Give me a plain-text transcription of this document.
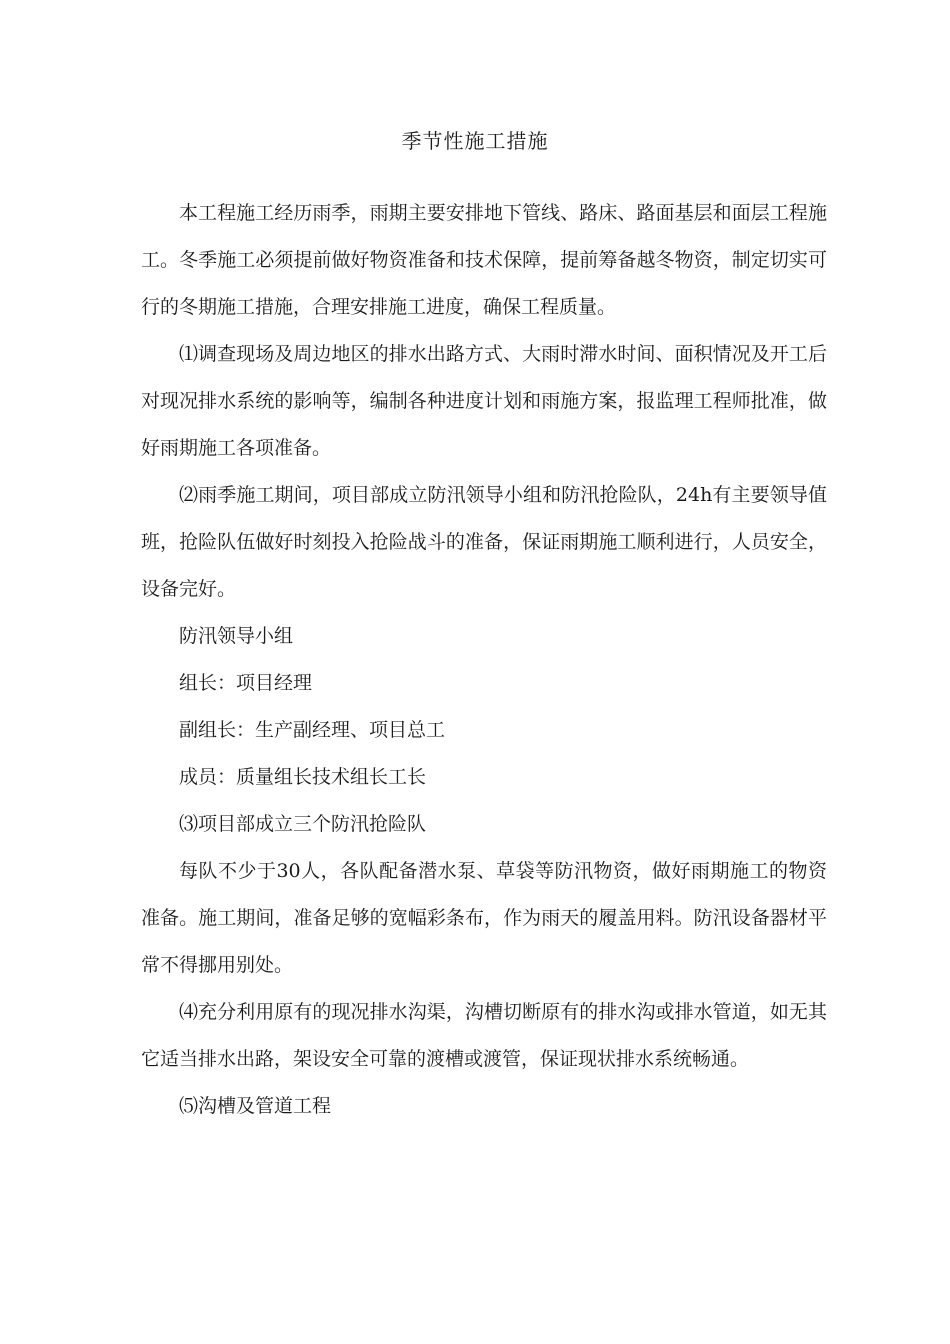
季节性施工措施

本工程施工经历雨季，雨期主要安排地下管线、路床、路面基层和面层工程施工。冬季施工必须提前做好物资准备和技术保障，提前筹备越冬物资，制定切实可行的冬期施工措施，合理安排施工进度，确保工程质量。

⑴调查现场及周边地区的排水出路方式、大雨时滞水时间、面积情况及开工后对现况排水系统的影响等，编制各种进度计划和雨施方案，报监理工程师批准，做好雨期施工各项准备。

⑵雨季施工期间，项目部成立防汛领导小组和防汛抢险队，24h有主要领导值班，抢险队伍做好时刻投入抢险战斗的准备，保证雨期施工顺利进行，人员安全，设备完好。

防汛领导小组

组长：项目经理

副组长：生产副经理、项目总工

成员：质量组长技术组长工长

⑶项目部成立三个防汛抢险队

每队不少于30人，各队配备潜水泵、草袋等防汛物资，做好雨期施工的物资准备。施工期间，准备足够的宽幅彩条布，作为雨天的履盖用料。防汛设备器材平常不得挪用别处。

⑷充分利用原有的现况排水沟渠，沟槽切断原有的排水沟或排水管道，如无其它适当排水出路，架设安全可靠的渡槽或渡管，保证现状排水系统畅通。

⑸沟槽及管道工程
